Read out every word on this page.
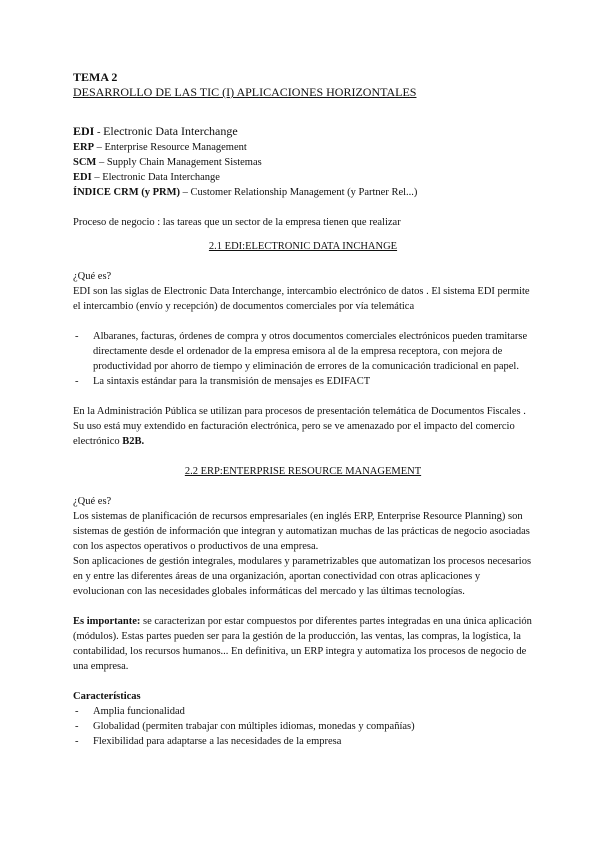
TEMA 2

DESARROLLO DE LAS TIC (I) APLICACIONES HORIZONTALES

EDI - Electronic Data Interchange

ERP – Enterprise Resource Management

SCM – Supply Chain Management Sistemas

EDI – Electronic Data Interchange

ÍNDICE CRM (y PRM) – Customer Relationship Management (y Partner Rel...)

Proceso de negocio : las tareas que un sector de la empresa tienen que realizar

2.1 EDI:ELECTRONIC DATA INCHANGE

¿Qué es?

EDI son las siglas de Electronic Data Interchange, intercambio electrónico de datos . El sistema EDI permite el intercambio (envío y recepción) de documentos comerciales por vía telemática

- Albaranes, facturas, órdenes de compra y otros documentos comerciales electrónicos pueden tramitarse directamente desde el ordenador de la empresa emisora al de la empresa receptora, con mejora de productividad por ahorro de tiempo y eliminación de errores de la comunicación tradicional en papel.
- La sintaxis estándar para la transmisión de mensajes es EDIFACT

En la Administración Pública se utilizan para procesos de presentación telemática de Documentos Fiscales . Su uso está muy extendido en facturación electrónica, pero se ve amenazado por el impacto del comercio electrónico B2B.

2.2 ERP:ENTERPRISE RESOURCE MANAGEMENT

¿Qué es?

Los sistemas de planificación de recursos empresariales (en inglés ERP, Enterprise Resource Planning) son sistemas de gestión de información que integran y automatizan muchas de las prácticas de negocio asociadas con los aspectos operativos o productivos de una empresa.

Son aplicaciones de gestión integrales, modulares y parametrizables que automatizan los procesos necesarios en y entre las diferentes áreas de una organización, aportan conectividad con otras aplicaciones y evolucionan con las necesidades globales informáticas del mercado y las últimas tecnologías.

Es importante: se caracterizan por estar compuestos por diferentes partes integradas en una única aplicación (módulos). Estas partes pueden ser para la gestión de la producción, las ventas, las compras, la logística, la contabilidad, los recursos humanos... En definitiva, un ERP integra y automatiza los procesos de negocio de una empresa.

Características

- Amplia funcionalidad
- Globalidad (permiten trabajar con múltiples idiomas, monedas y compañías)
- Flexibilidad para adaptarse a las necesidades de la empresa
